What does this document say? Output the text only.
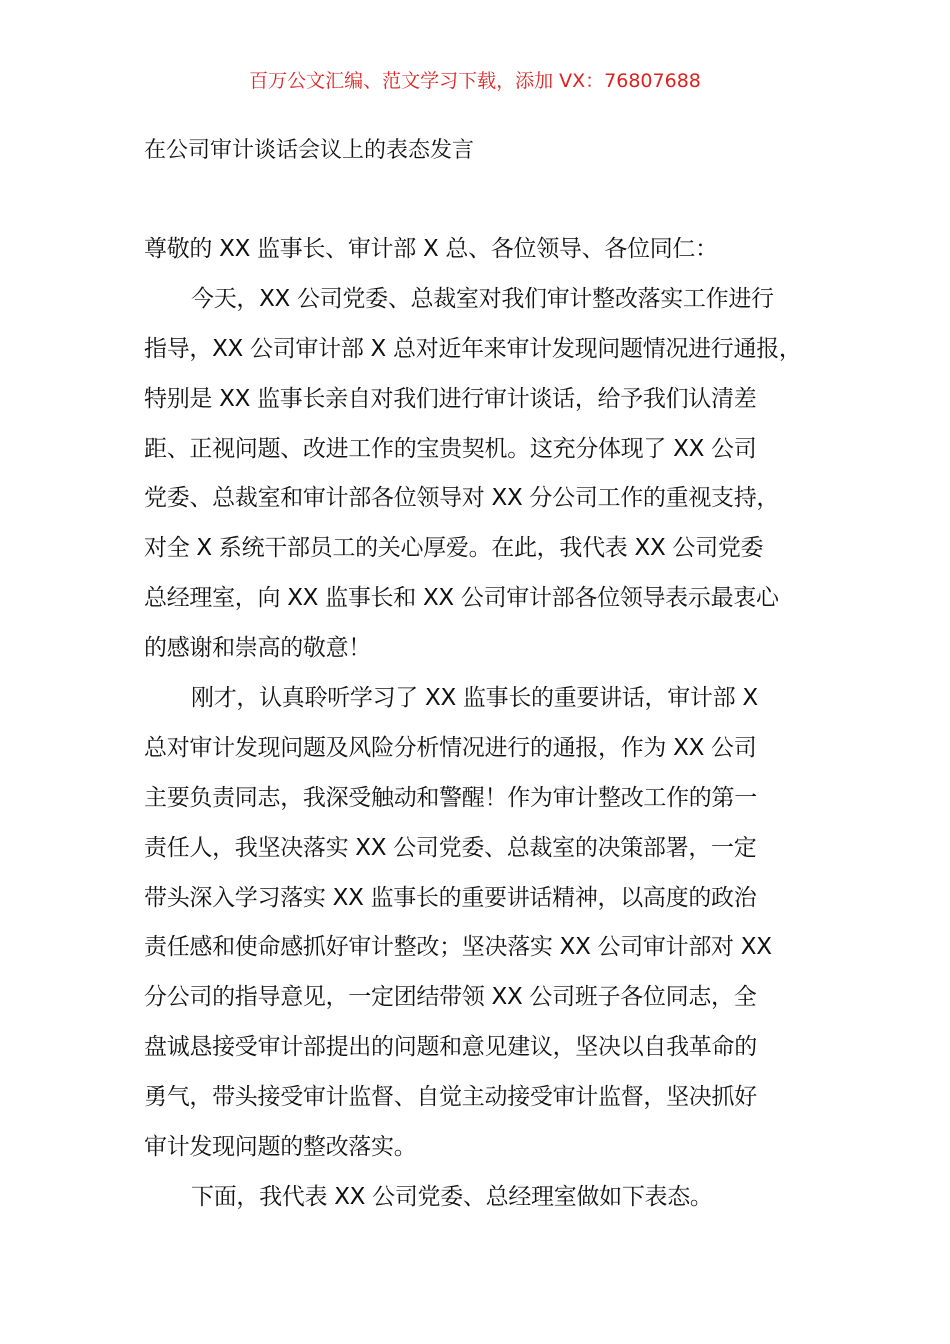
百万公文汇编、范文学习下载，添加 VX：76807688
在公司审计谈话会议上的表态发言
尊敬的 XX 监事长、审计部 X 总、各位领导、各位同仁：
今天，XX 公司党委、总裁室对我们审计整改落实工作进行
指导，XX 公司审计部 X 总对近年来审计发现问题情况进行通报，
特别是 XX 监事长亲自对我们进行审计谈话，给予我们认清差
距、正视问题、改进工作的宝贵契机。这充分体现了 XX 公司
党委、总裁室和审计部各位领导对 XX 分公司工作的重视支持，
对全 X 系统干部员工的关心厚爱。在此，我代表 XX 公司党委
总经理室，向 XX 监事长和 XX 公司审计部各位领导表示最衷心
的感谢和崇高的敬意！
刚才，认真聆听学习了 XX 监事长的重要讲话，审计部 X
总对审计发现问题及风险分析情况进行的通报，作为 XX 公司
主要负责同志，我深受触动和警醒！作为审计整改工作的第一
责任人，我坚决落实 XX 公司党委、总裁室的决策部署，一定
带头深入学习落实 XX 监事长的重要讲话精神，以高度的政治
责任感和使命感抓好审计整改；坚决落实 XX 公司审计部对 XX
分公司的指导意见，一定团结带领 XX 公司班子各位同志，全
盘诚恳接受审计部提出的问题和意见建议，坚决以自我革命的
勇气，带头接受审计监督、自觉主动接受审计监督，坚决抓好
审计发现问题的整改落实。
下面，我代表 XX 公司党委、总经理室做如下表态。
